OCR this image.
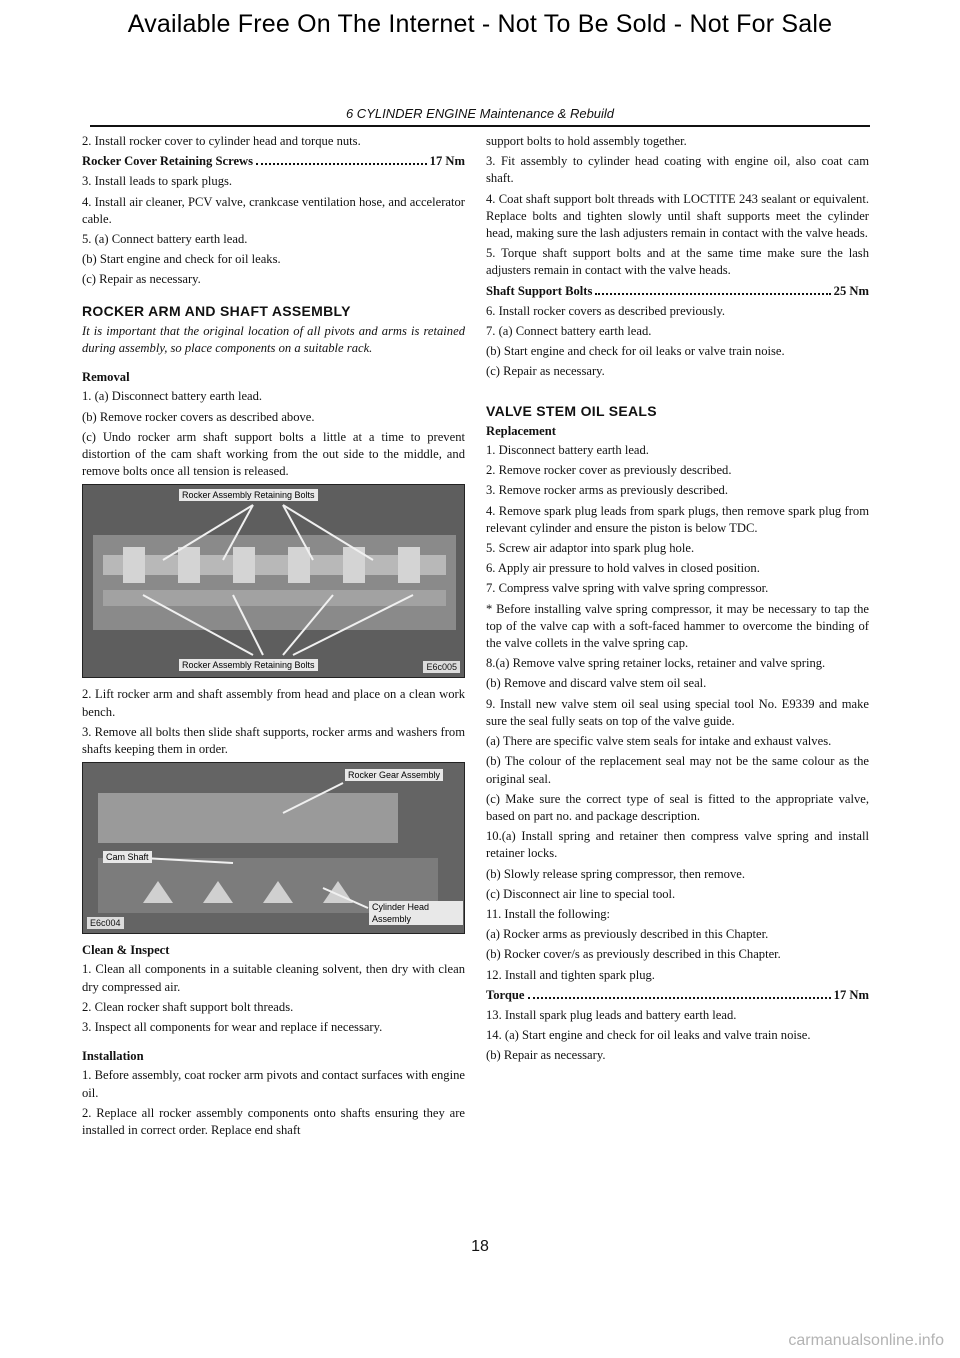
Available Free On The Internet - Not To Be Sold - Not For Sale
6 CYLINDER ENGINE Maintenance & Rebuild

2. Install rocker cover to cylinder head and torque nuts.

Rocker Cover Retaining Screws	17 Nm

3. Install leads to spark plugs.

4. Install air cleaner, PCV valve, crankcase ventilation hose, and accelerator cable.

5. (a) Connect battery earth lead.

(b) Start engine and check for oil leaks.

(c) Repair as necessary.

ROCKER ARM AND SHAFT ASSEMBLY

It is important that the original location of all pivots and arms is retained during assembly, so place components on a suitable rack.

Removal

1. (a) Disconnect battery earth lead.

(b) Remove rocker covers as described above.

(c) Undo rocker arm shaft support bolts a little at a time to prevent distortion of the cam shaft working from the out side to the middle, and remove bolts once all tension is released.

Rocker Assembly Retaining Bolts
Rocker Assembly Retaining Bolts	E6c005

2. Lift rocker arm and shaft assembly from head and place on a clean work bench.

3. Remove all bolts then slide shaft supports, rocker arms and washers from shafts keeping them in order.

Rocker Gear Assembly
Cam Shaft
Cylinder Head Assembly
E6c004
Clean & Inspect

1. Clean all components in a suitable cleaning solvent, then dry with clean dry compressed air.

2. Clean rocker shaft support bolt threads.

3. Inspect all components for wear and replace if necessary.

Installation

1. Before assembly, coat rocker arm pivots and contact surfaces with engine oil.

2. Replace all rocker assembly components onto shafts ensuring they are installed in correct order. Replace end shaft

support bolts to hold assembly together.

3. Fit assembly to cylinder head coating with engine oil, also coat cam shaft.

4. Coat shaft support bolt threads with LOCTITE 243 sealant or equivalent. Replace bolts and tighten slowly until shaft supports meet the cylinder head, making sure the lash adjusters remain in contact with the valve heads.

5. Torque shaft support bolts and at the same time make sure the lash adjusters remain in contact with the valve heads.

Shaft Support Bolts	25 Nm

6. Install rocker covers as described previously.

7. (a) Connect battery earth lead.

(b) Start engine and check for oil leaks or valve train noise.

(c) Repair as necessary.

VALVE STEM OIL SEALS
Replacement

1. Disconnect battery earth lead.

2. Remove rocker cover as previously described.

3. Remove rocker arms as previously described.

4. Remove spark plug leads from spark plugs, then remove spark plug from relevant cylinder and ensure the piston is below TDC.

5. Screw air adaptor into spark plug hole.

6. Apply air pressure to hold valves in closed position.

7. Compress valve spring with valve spring compressor.

* Before installing valve spring compressor, it may be necessary to tap the top of the valve cap with a soft-faced hammer to overcome the binding of the valve collets in the valve spring cap.

8.(a) Remove valve spring retainer locks, retainer and valve spring.

(b) Remove and discard valve stem oil seal.

9. Install new valve stem oil seal using special tool No. E9339 and make sure the seal fully seats on top of the valve guide.

(a) There are specific valve stem seals for intake and exhaust valves.

(b) The colour of the replacement seal may not be the same colour as the original seal.

(c) Make sure the correct type of seal is fitted to the appropriate valve, based on part no. and package description.

10.(a) Install spring and retainer then compress valve spring and install retainer locks.

(b) Slowly release spring compressor, then remove.

(c) Disconnect air line to special tool.

11. Install the following:

(a) Rocker arms as previously described in this Chapter.

(b) Rocker cover/s as previously described in this Chapter.

12. Install and tighten spark plug.

Torque	17 Nm

13. Install spark plug leads and battery earth lead.

14. (a) Start engine and check for oil leaks and valve train noise.

(b) Repair as necessary.

18
carmanualsonline.info
